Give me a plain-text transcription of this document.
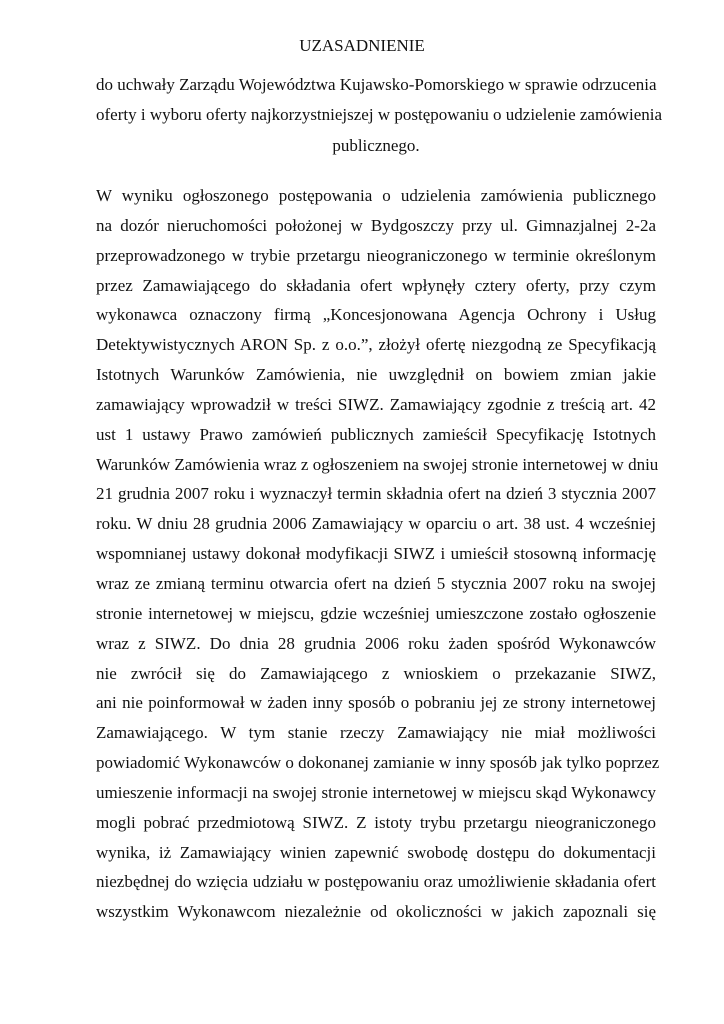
UZASADNIENIE
do uchwały Zarządu Województwa Kujawsko-Pomorskiego w sprawie odrzucenia
oferty i wyboru oferty najkorzystniejszej w postępowaniu o udzielenie zamówienia
publicznego.
W wyniku ogłoszonego postępowania o udzielenia zamówienia publicznego
na dozór nieruchomości położonej w Bydgoszczy przy ul. Gimnazjalnej 2-2a
przeprowadzonego w trybie przetargu nieograniczonego w terminie określonym
przez Zamawiającego do składania ofert wpłynęły cztery oferty, przy czym
wykonawca oznaczony firmą „Koncesjonowana Agencja Ochrony i Usług
Detektywistycznych ARON Sp. z o.o.”, złożył ofertę niezgodną ze Specyfikacją
Istotnych Warunków Zamówienia, nie uwzględnił on bowiem zmian jakie
zamawiający wprowadził w treści SIWZ. Zamawiający zgodnie z treścią art. 42
ust 1 ustawy Prawo zamówień publicznych zamieścił Specyfikację Istotnych
Warunków Zamówienia wraz z ogłoszeniem na swojej stronie internetowej w dniu
21 grudnia 2007 roku i wyznaczył termin składnia ofert na dzień 3 stycznia 2007
roku. W dniu 28 grudnia 2006 Zamawiający w oparciu o art. 38 ust. 4 wcześniej
wspomnianej ustawy dokonał modyfikacji SIWZ i umieścił stosowną informację
wraz ze zmianą terminu otwarcia ofert na dzień 5 stycznia 2007 roku na swojej
stronie internetowej w miejscu, gdzie wcześniej umieszczone zostało ogłoszenie
wraz z SIWZ. Do dnia 28 grudnia 2006 roku żaden spośród Wykonawców
nie zwrócił się do Zamawiającego z wnioskiem o przekazanie SIWZ,
ani nie poinformował w żaden inny sposób o pobraniu jej ze strony internetowej
Zamawiającego. W tym stanie rzeczy Zamawiający nie miał możliwości
powiadomić Wykonawców o dokonanej zamianie w inny sposób jak tylko poprzez
umieszenie informacji na swojej stronie internetowej w miejscu skąd Wykonawcy
mogli pobrać przedmiotową SIWZ. Z istoty trybu przetargu nieograniczonego
wynika, iż Zamawiający winien zapewnić swobodę dostępu do dokumentacji
niezbędnej do wzięcia udziału w postępowaniu oraz umożliwienie składania ofert
wszystkim Wykonawcom niezależnie od okoliczności w jakich zapoznali się
